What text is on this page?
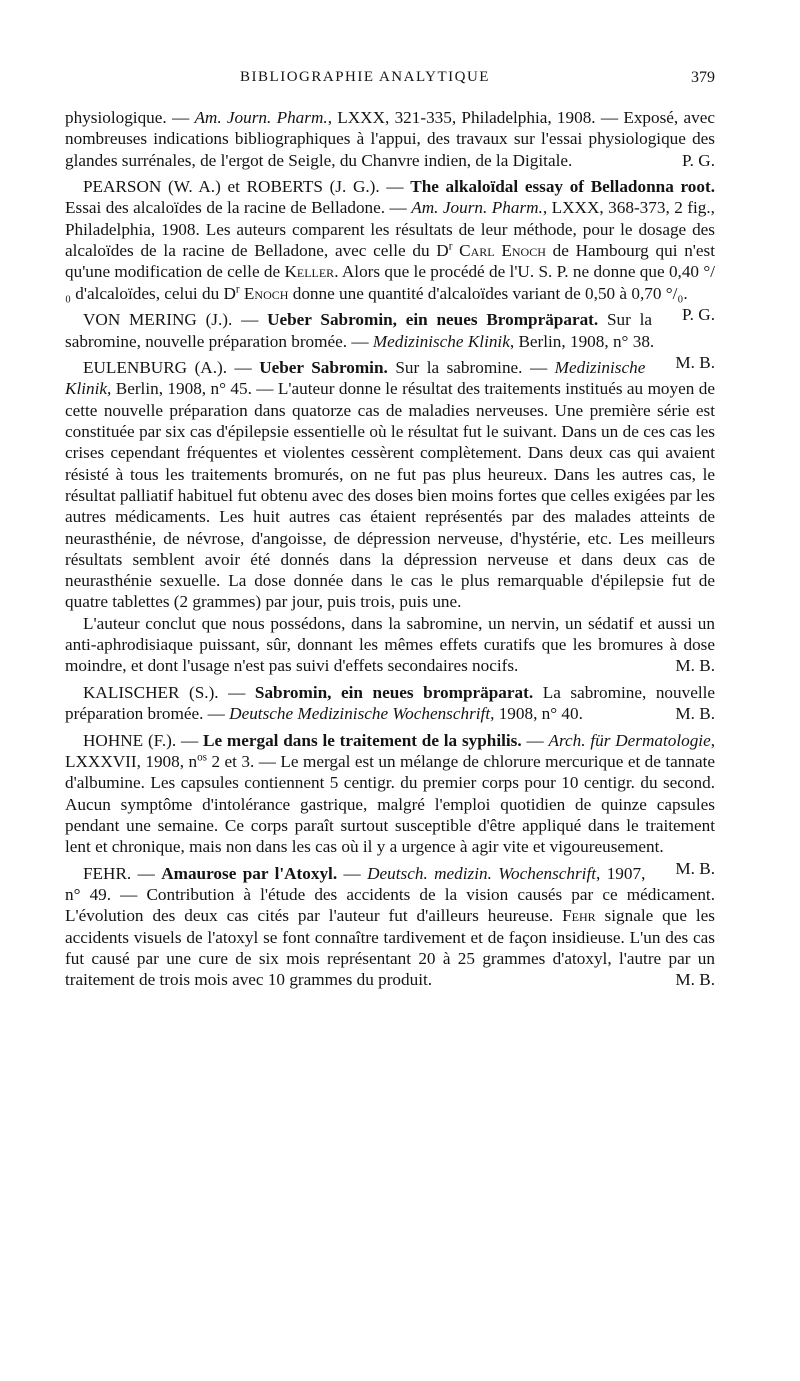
BIBLIOGRAPHIE ANALYTIQUE	379

physiologique. — Am. Journ. Pharm., LXXX, 321-335, Philadelphia, 1908. — Exposé, avec nombreuses indications bibliographiques à l'appui, des travaux sur l'essai physiologique des glandes surrénales, de l'ergot de Seigle, du Chanvre indien, de la Digitale.	P. G.

PEARSON (W. A.) et ROBERTS (J. G.). — The alkaloïdal essay of Belladonna root. Essai des alcaloïdes de la racine de Belladone. — Am. Journ. Pharm., LXXX, 368-373, 2 fig., Philadelphia, 1908. Les auteurs comparent les résultats de leur méthode, pour le dosage des alcaloïdes de la racine de Belladone, avec celle du $D^r$ Carl Enoch de Hambourg qui n'est qu'une modification de celle de Keller. Alors que le procédé de l'U. S. P. ne donne que 0,40 °/₀ d'alcaloïdes, celui du $D^r$ Enoch donne une quantité d'alcaloïdes variant de 0,50 à 0,70 °/₀.
P. G.

VON MERING (J.). — Ueber Sabromin, ein neues Brompräparat. Sur la sabromine, nouvelle préparation bromée. — Medizinische Klinik, Berlin, 1908, n° 38.
M. B.

EULENBURG (A.). — Ueber Sabromin. Sur la sabromine. — Medizinische Klinik, Berlin, 1908, n° 45. — L'auteur donne le résultat des traitements institués au moyen de cette nouvelle préparation dans quatorze cas de maladies nerveuses. Une première série est constituée par six cas d'épilepsie essentielle où le résultat fut le suivant. Dans un de ces cas les crises cependant fréquentes et violentes cessèrent complètement. Dans deux cas qui avaient résisté à tous les traitements bromurés, on ne fut pas plus heureux. Dans les autres cas, le résultat palliatif habituel fut obtenu avec des doses bien moins fortes que celles exigées par les autres médicaments. Les huit autres cas étaient représentés par des malades atteints de neurasthénie, de névrose, d'angoisse, de dépression nerveuse, d'hystérie, etc. Les meilleurs résultats semblent avoir été donnés dans la dépression nerveuse et dans deux cas de neurasthénie sexuelle. La dose donnée dans le cas le plus remarquable d'épilepsie fut de quatre tablettes (2 grammes) par jour, puis trois, puis une.

L'auteur conclut que nous possédons, dans la sabromine, un nervin, un sédatif et aussi un anti-aphrodisiaque puissant, sûr, donnant les mêmes effets curatifs que les bromures à dose moindre, et dont l'usage n'est pas suivi d'effets secondaires nocifs.	M. B.

KALISCHER (S.). — Sabromin, ein neues brompräparat. La sabromine, nouvelle préparation bromée. — Deutsche Medizinische Wochenschrift, 1908, n° 40.	M. B.

HOHNE (F.). — Le mergal dans le traitement de la syphilis. — Arch. für Dermatologie, LXXXVII, 1908, $n^{os}$ 2 et 3. — Le mergal est un mélange de chlorure mercurique et de tannate d'albumine. Les capsules contiennent 5 centigr. du premier corps pour 10 centigr. du second. Aucun symptôme d'intolérance gastrique, malgré l'emploi quotidien de quinze capsules pendant une semaine. Ce corps paraît surtout susceptible d'être appliqué dans le traitement lent et chronique, mais non dans les cas où il y a urgence à agir vite et vigoureusement.
M. B.

FEHR. — Amaurose par l'Atoxyl. — Deutsch. medizin. Wochenschrift, 1907, n° 49. — Contribution à l'étude des accidents de la vision causés par ce médicament. L'évolution des deux cas cités par l'auteur fut d'ailleurs heureuse. Fehr signale que les accidents visuels de l'atoxyl se font connaître tardivement et de façon insidieuse. L'un des cas fut causé par une cure de six mois représentant 20 à 25 grammes d'atoxyl, l'autre par un traitement de trois mois avec 10 grammes du produit.	M. B.
